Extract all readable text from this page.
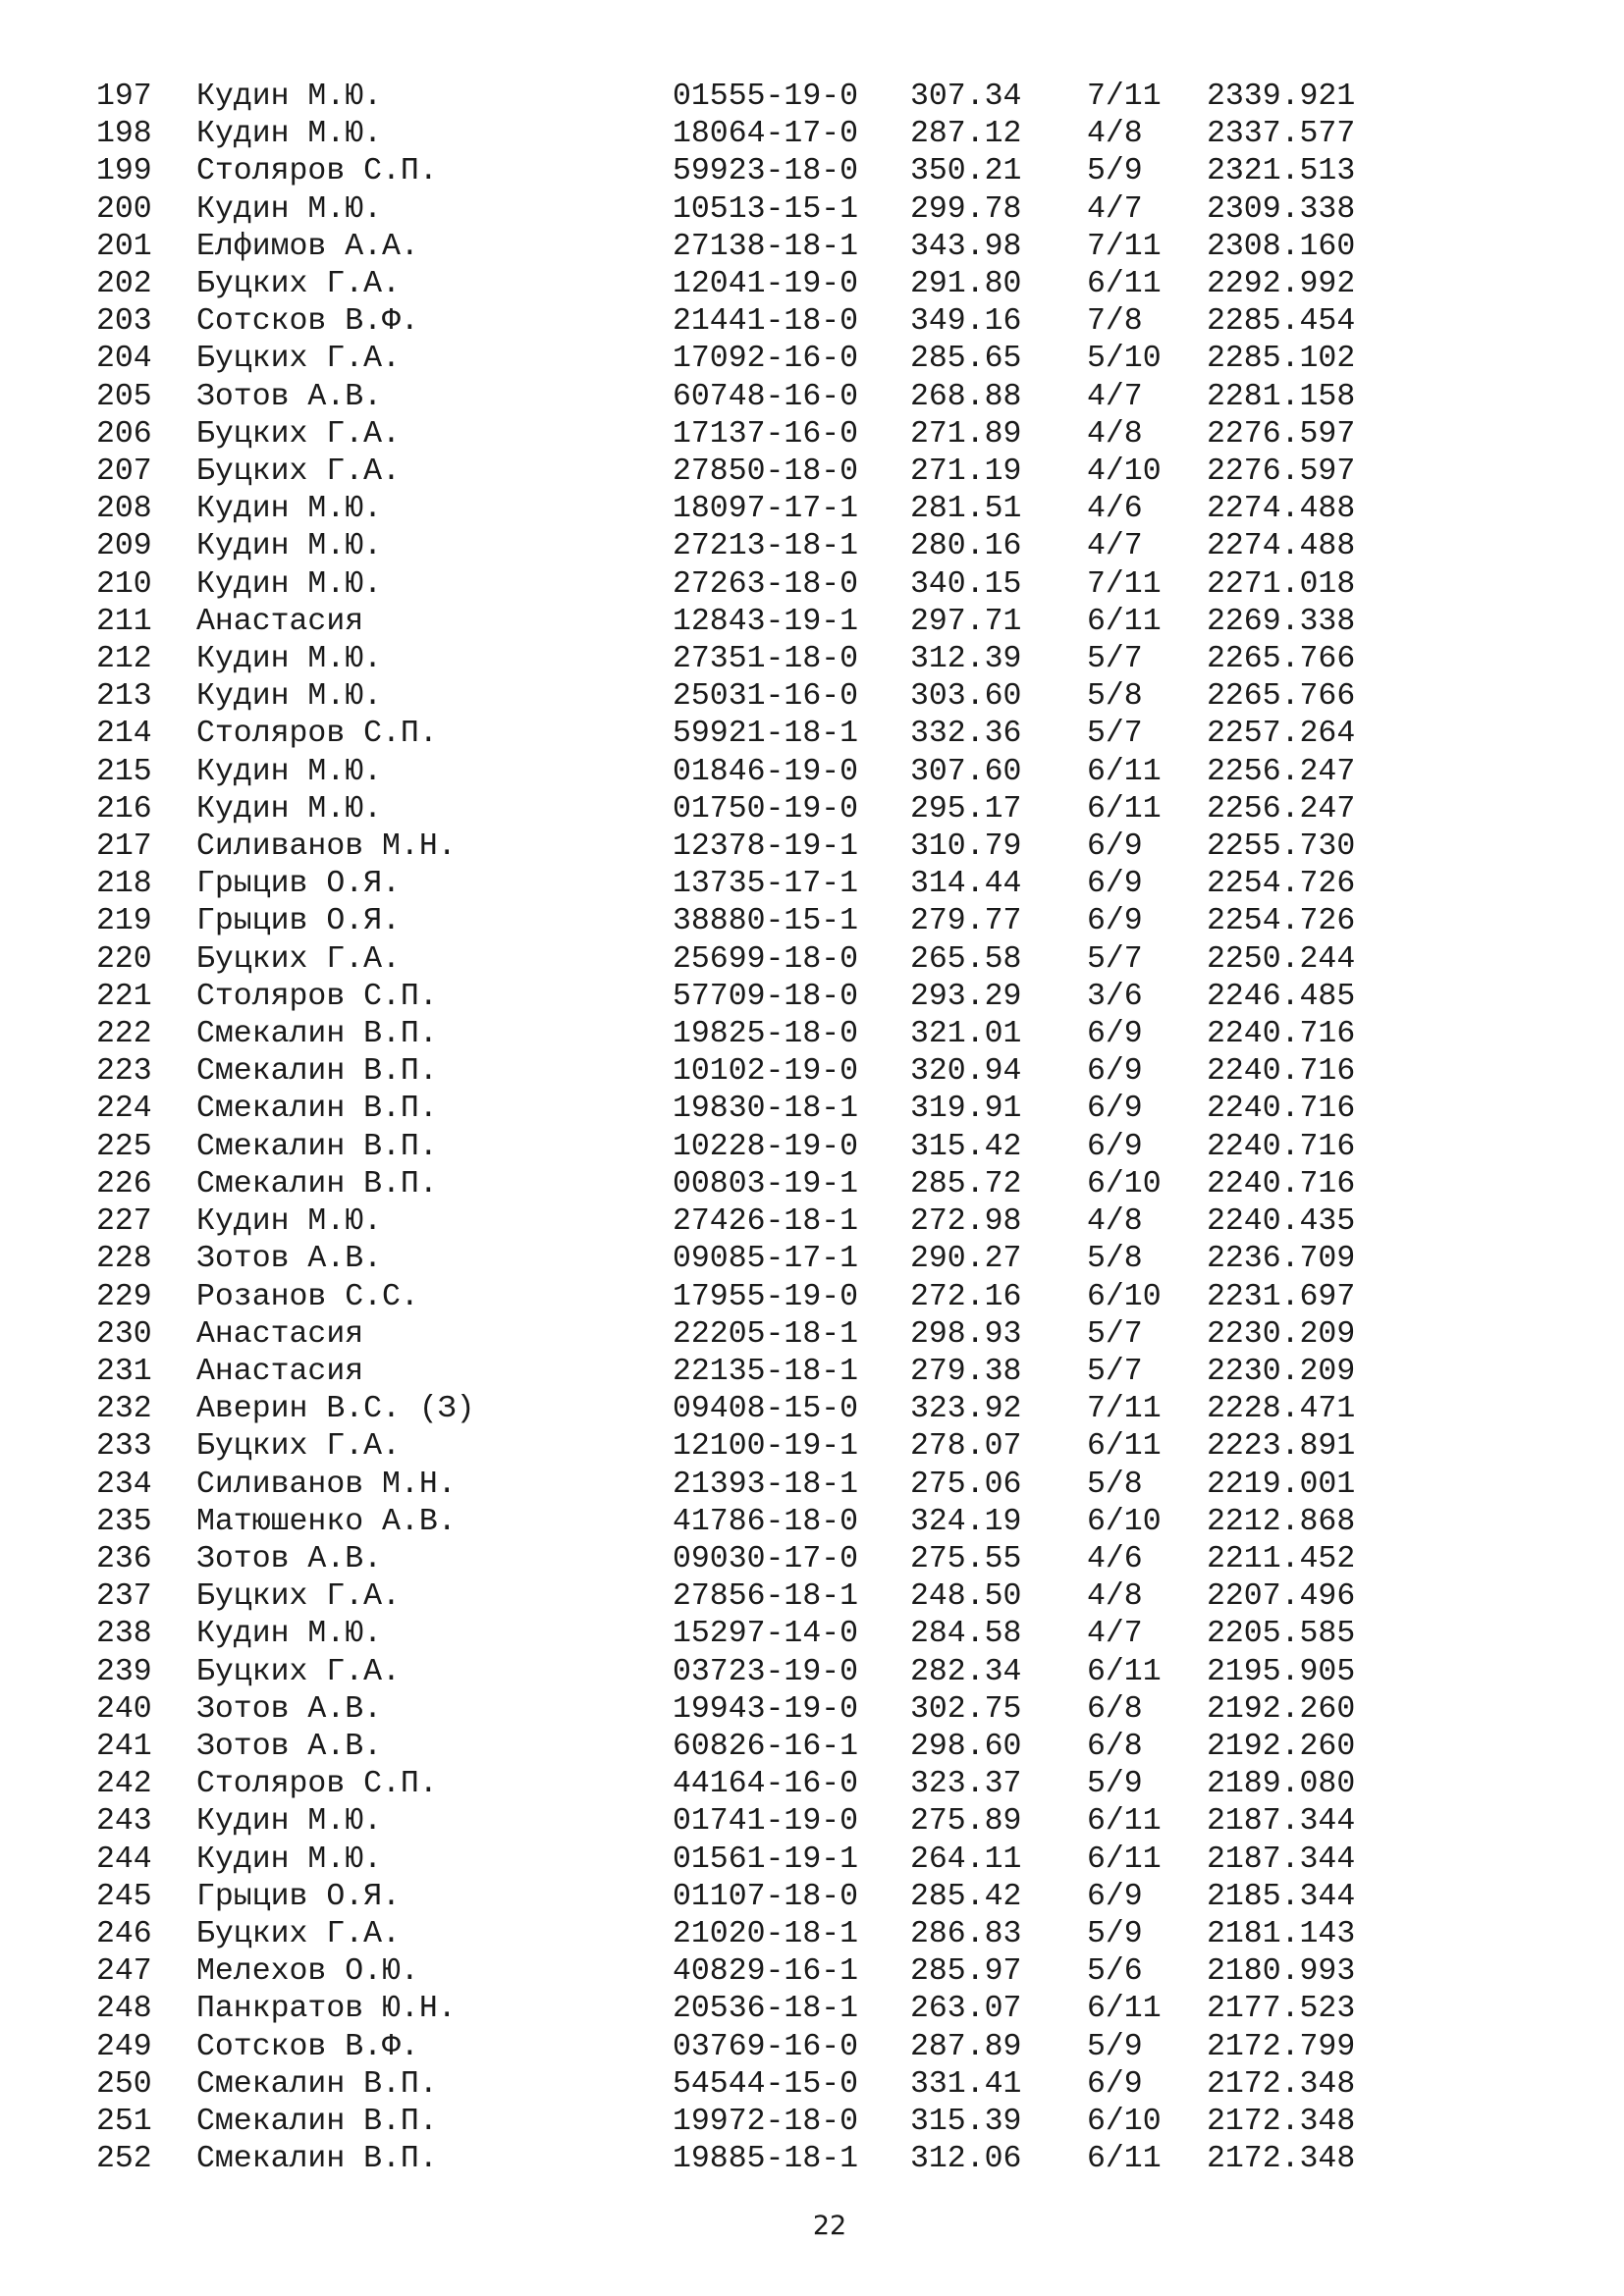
197	Кудин М.Ю.	01555-19-0	307.34	7/11	2339.921
198	Кудин М.Ю.	18064-17-0	287.12	4/8	2337.577
199	Столяров С.П.	59923-18-0	350.21	5/9	2321.513
200	Кудин М.Ю.	10513-15-1	299.78	4/7	2309.338
201	Елфимов А.А.	27138-18-1	343.98	7/11	2308.160
202	Буцких Г.А.	12041-19-0	291.80	6/11	2292.992
203	Сотсков В.Ф.	21441-18-0	349.16	7/8	2285.454
204	Буцких Г.А.	17092-16-0	285.65	5/10	2285.102
205	Зотов А.В.	60748-16-0	268.88	4/7	2281.158
206	Буцких Г.А.	17137-16-0	271.89	4/8	2276.597
207	Буцких Г.А.	27850-18-0	271.19	4/10	2276.597
208	Кудин М.Ю.	18097-17-1	281.51	4/6	2274.488
209	Кудин М.Ю.	27213-18-1	280.16	4/7	2274.488
210	Кудин М.Ю.	27263-18-0	340.15	7/11	2271.018
211	Анастасия	12843-19-1	297.71	6/11	2269.338
212	Кудин М.Ю.	27351-18-0	312.39	5/7	2265.766
213	Кудин М.Ю.	25031-16-0	303.60	5/8	2265.766
214	Столяров С.П.	59921-18-1	332.36	5/7	2257.264
215	Кудин М.Ю.	01846-19-0	307.60	6/11	2256.247
216	Кудин М.Ю.	01750-19-0	295.17	6/11	2256.247
217	Силиванов М.Н.	12378-19-1	310.79	6/9	2255.730
218	Грыцив О.Я.	13735-17-1	314.44	6/9	2254.726
219	Грыцив О.Я.	38880-15-1	279.77	6/9	2254.726
220	Буцких Г.А.	25699-18-0	265.58	5/7	2250.244
221	Столяров С.П.	57709-18-0	293.29	3/6	2246.485
222	Смекалин В.П.	19825-18-0	321.01	6/9	2240.716
223	Смекалин В.П.	10102-19-0	320.94	6/9	2240.716
224	Смекалин В.П.	19830-18-1	319.91	6/9	2240.716
225	Смекалин В.П.	10228-19-0	315.42	6/9	2240.716
226	Смекалин В.П.	00803-19-1	285.72	6/10	2240.716
227	Кудин М.Ю.	27426-18-1	272.98	4/8	2240.435
228	Зотов А.В.	09085-17-1	290.27	5/8	2236.709
229	Розанов С.С.	17955-19-0	272.16	6/10	2231.697
230	Анастасия	22205-18-1	298.93	5/7	2230.209
231	Анастасия	22135-18-1	279.38	5/7	2230.209
232	Аверин В.С. (З)	09408-15-0	323.92	7/11	2228.471
233	Буцких Г.А.	12100-19-1	278.07	6/11	2223.891
234	Силиванов М.Н.	21393-18-1	275.06	5/8	2219.001
235	Матюшенко А.В.	41786-18-0	324.19	6/10	2212.868
236	Зотов А.В.	09030-17-0	275.55	4/6	2211.452
237	Буцких Г.А.	27856-18-1	248.50	4/8	2207.496
238	Кудин М.Ю.	15297-14-0	284.58	4/7	2205.585
239	Буцких Г.А.	03723-19-0	282.34	6/11	2195.905
240	Зотов А.В.	19943-19-0	302.75	6/8	2192.260
241	Зотов А.В.	60826-16-1	298.60	6/8	2192.260
242	Столяров С.П.	44164-16-0	323.37	5/9	2189.080
243	Кудин М.Ю.	01741-19-0	275.89	6/11	2187.344
244	Кудин М.Ю.	01561-19-1	264.11	6/11	2187.344
245	Грыцив О.Я.	01107-18-0	285.42	6/9	2185.344
246	Буцких Г.А.	21020-18-1	286.83	5/9	2181.143
247	Мелехов О.Ю.	40829-16-1	285.97	5/6	2180.993
248	Панкратов Ю.Н.	20536-18-1	263.07	6/11	2177.523
249	Сотсков В.Ф.	03769-16-0	287.89	5/9	2172.799
250	Смекалин В.П.	54544-15-0	331.41	6/9	2172.348
251	Смекалин В.П.	19972-18-0	315.39	6/10	2172.348
252	Смекалин В.П.	19885-18-1	312.06	6/11	2172.348
22
